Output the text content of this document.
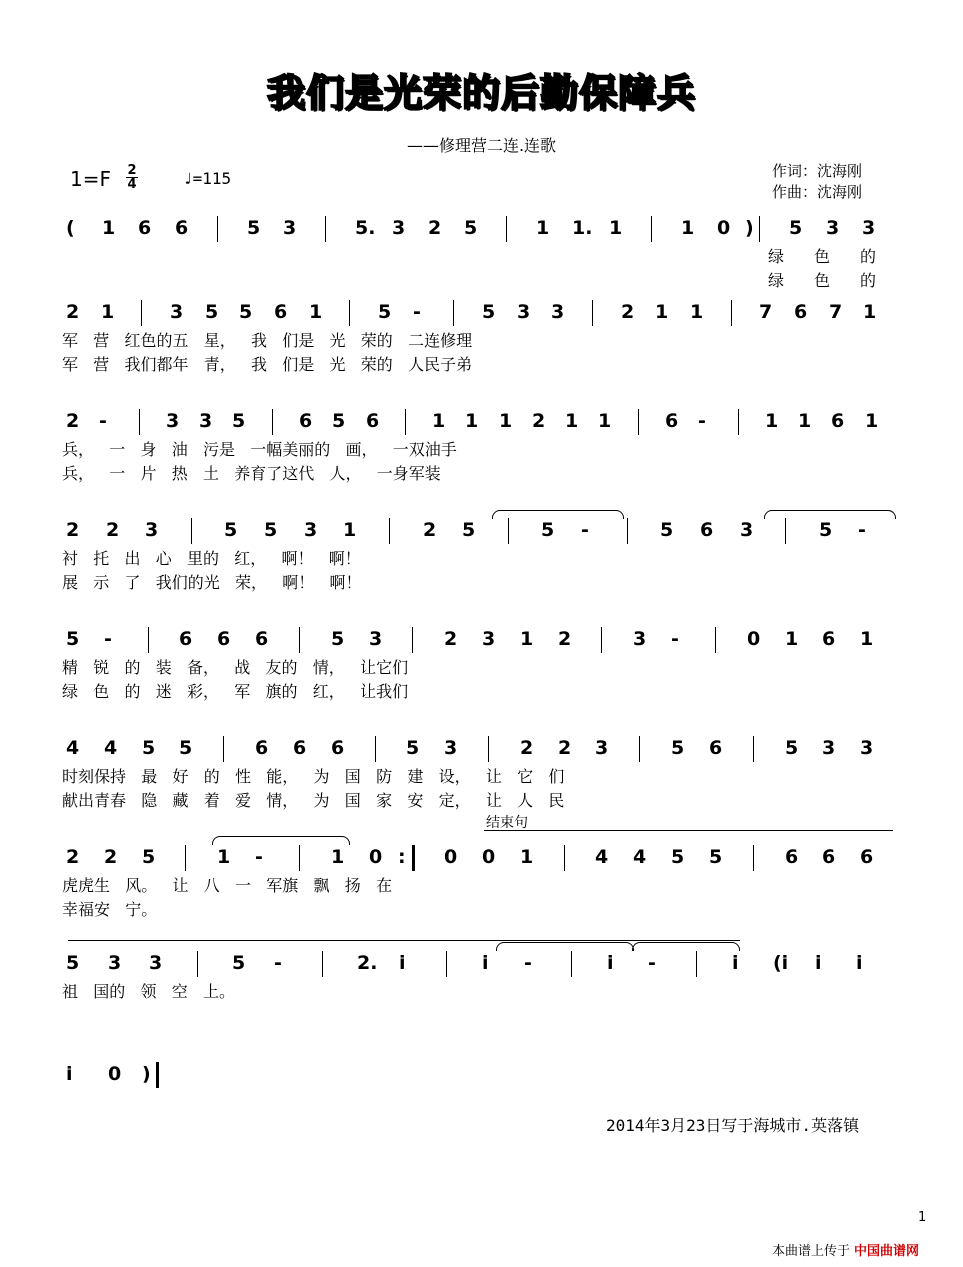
我们是光荣的后勤保障兵
——修理营二连.连歌
1=F 2
4	♩=115	作词：沈海刚
作曲：沈海刚
( 1 6 6	5 3	5. 3 2 5	1 1. 1	1 0 ) 5 3 3
2 1	3 5 5 6 1	5 -	5 3 3	2 1 1	7 6 7 1
2 -	3 3 5	6 5 6	1 1 1 2 1 1	6 -	1 1 6 1
2 2 3	5 5 3 1	2 5	5 -	5 6 3	5 -
5 -	6 6 6	5 3	2 3 1 2	3 -	0 1 6 1
4 4 5 5	6 6 6	5 3	2 2 3	5 6	5 3 3
2 2 5	1 -	1 0 : 0 0 1	4 4 5 5	6 6 6
5 3 3	5 -	2. i	i -	i -	i (i i i
i 0 )
军   营   红色的五   星，   我   们是   光   荣的   二连修理
军   营   我们都年   青，   我   们是   光   荣的   人民子弟
兵，   一   身   油   污是   一幅美丽的   画，   一双油手
兵，   一   片   热   土   养育了这代   人，   一身军装
衬   托   出   心   里的   红，   啊！   啊！
展   示   了   我们的光   荣，   啊！   啊！
精   锐   的   装   备，   战   友的   情，   让它们
绿   色   的   迷   彩，   军   旗的   红，   让我们
时刻保持   最   好   的   性   能，   为   国   防   建   设，   让   它   们
献出青春   隐   藏   着   爱   情，   为   国   家   安   定，   让   人   民
虎虎生   风。   让   八   一   军旗   飘   扬   在
幸福安   宁。
祖   国的   领   空   上。
绿色的
绿色的
结束句
2014年3月23日写于海城市.英落镇
1
本曲谱上传于 中国曲谱网
